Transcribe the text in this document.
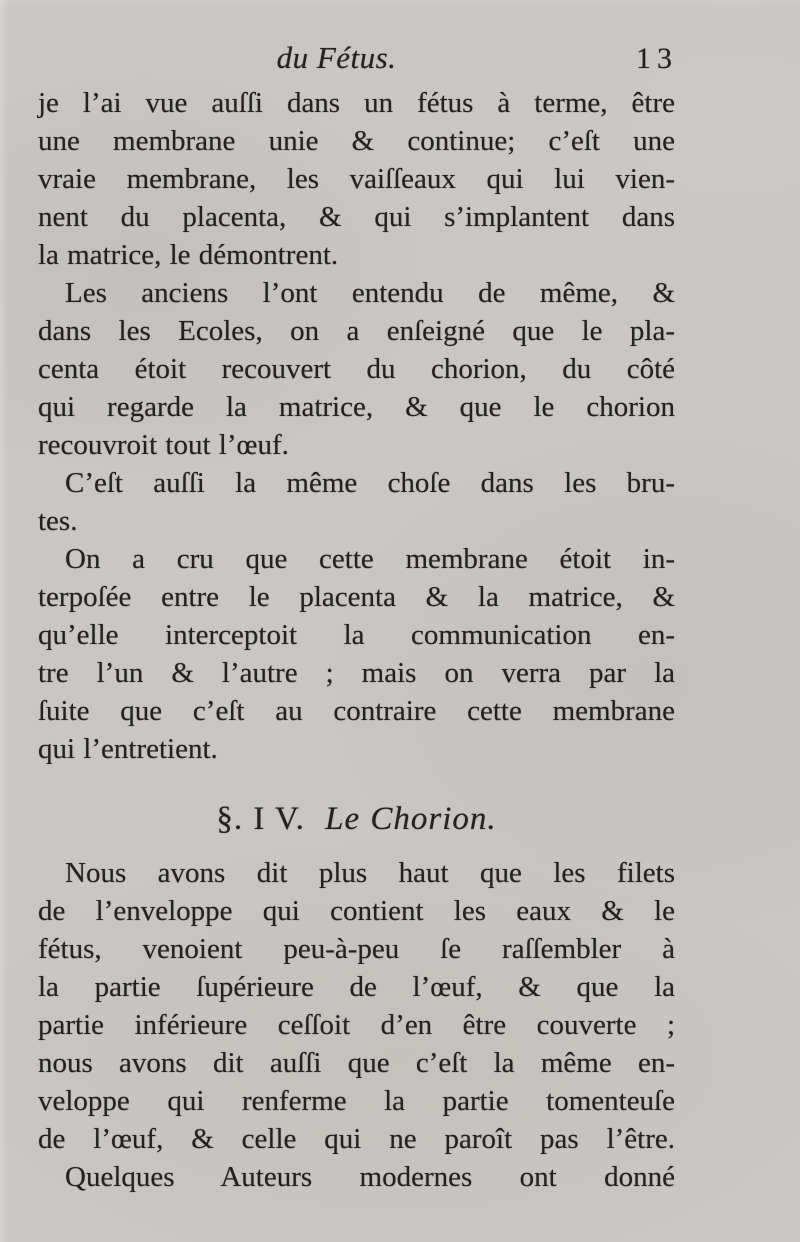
du Fétus.	13
je l’ai vue auſſi dans un fétus à terme, être
une membrane unie & continue; c’eſt une
vraie membrane, les vaiſſeaux qui lui vien-
nent du placenta, & qui s’implantent dans
la matrice, le démontrent.
Les anciens l’ont entendu de même, &
dans les Ecoles, on a enſeigné que le pla-
centa étoit recouvert du chorion, du côté
qui regarde la matrice, & que le chorion
recouvroit tout l’œuf.
C’eſt auſſi la même choſe dans les bru-
tes.
On a cru que cette membrane étoit in-
terpoſée entre le placenta & la matrice, &
qu’elle interceptoit la communication en-
tre l’un & l’autre ; mais on verra par la
ſuite que c’eſt au contraire cette membrane
qui l’entretient.
§. I V. Le Chorion.
Nous avons dit plus haut que les filets
de l’enveloppe qui contient les eaux & le
fétus, venoient peu-à-peu ſe raſſembler à
la partie ſupérieure de l’œuf, & que la
partie inférieure ceſſoit d’en être couverte ;
nous avons dit auſſi que c’eſt la même en-
veloppe qui renferme la partie tomenteuſe
de l’œuf, & celle qui ne paroît pas l’être.
Quelques Auteurs modernes ont donné
